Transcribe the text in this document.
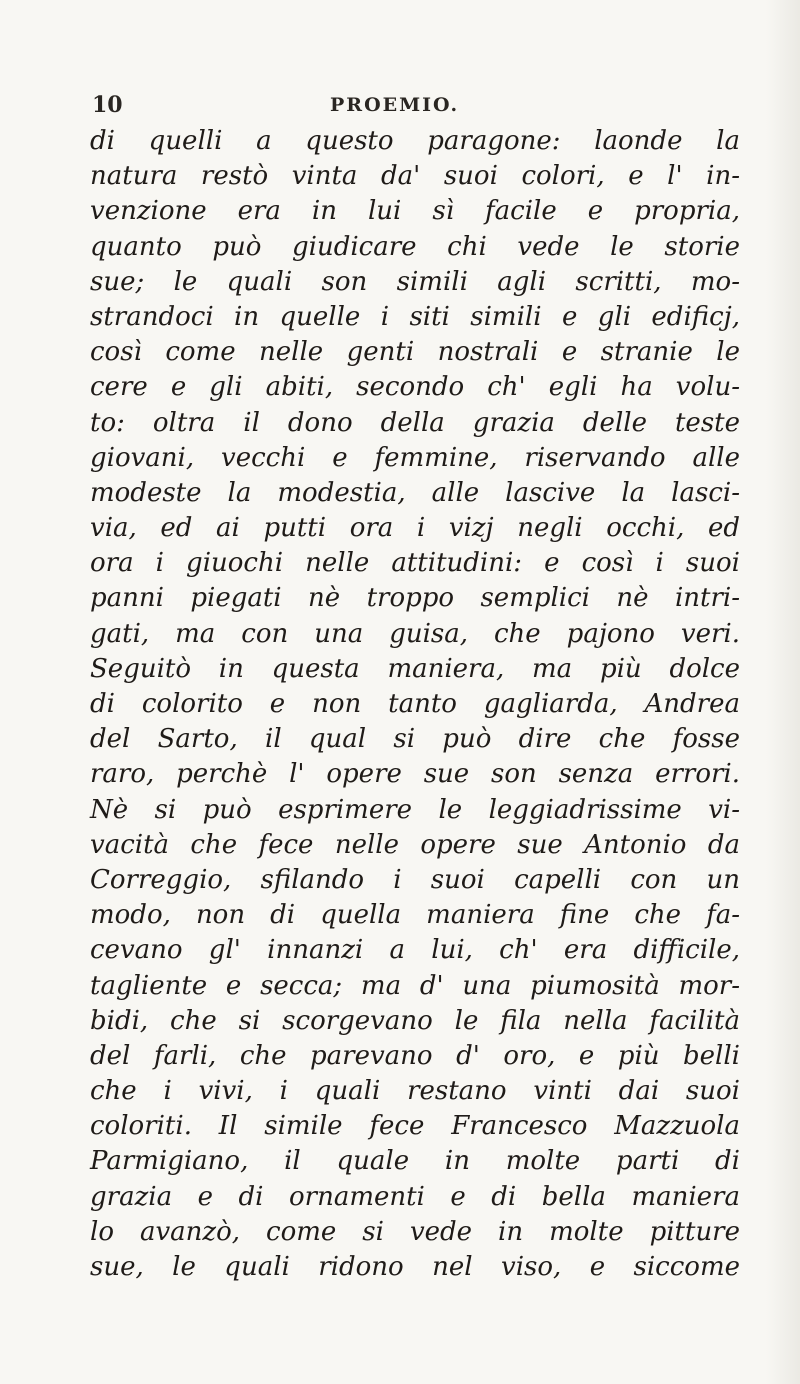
10	PROEMIO.
di quelli a questo paragone: laonde la
natura restò vinta da' suoi colori, e l' in-
venzione era in lui sì facile e propria,
quanto può giudicare chi vede le storie
sue; le quali son simili agli scritti, mo-
strandoci in quelle i siti simili e gli edificj,
così come nelle genti nostrali e stranie le
cere e gli abiti, secondo ch' egli ha volu-
to: oltra il dono della grazia delle teste
giovani, vecchi e femmine, riservando alle
modeste la modestia, alle lascive la lasci-
via, ed ai putti ora i vizj negli occhi, ed
ora i giuochi nelle attitudini: e così i suoi
panni piegati nè troppo semplici nè intri-
gati, ma con una guisa, che pajono veri.
Seguitò in questa maniera, ma più dolce
di colorito e non tanto gagliarda, Andrea
del Sarto, il qual si può dire che fosse
raro, perchè l' opere sue son senza errori.
Nè si può esprimere le leggiadrissime vi-
vacità che fece nelle opere sue Antonio da
Correggio, sfilando i suoi capelli con un
modo, non di quella maniera fine che fa-
cevano gl' innanzi a lui, ch' era difficile,
tagliente e secca; ma d' una piumosità mor-
bidi, che si scorgevano le fila nella facilità
del farli, che parevano d' oro, e più belli
che i vivi, i quali restano vinti dai suoi
coloriti. Il simile fece Francesco Mazzuola
Parmigiano, il quale in molte parti di
grazia e di ornamenti e di bella maniera
lo avanzò, come si vede in molte pitture
sue, le quali ridono nel viso, e siccome
